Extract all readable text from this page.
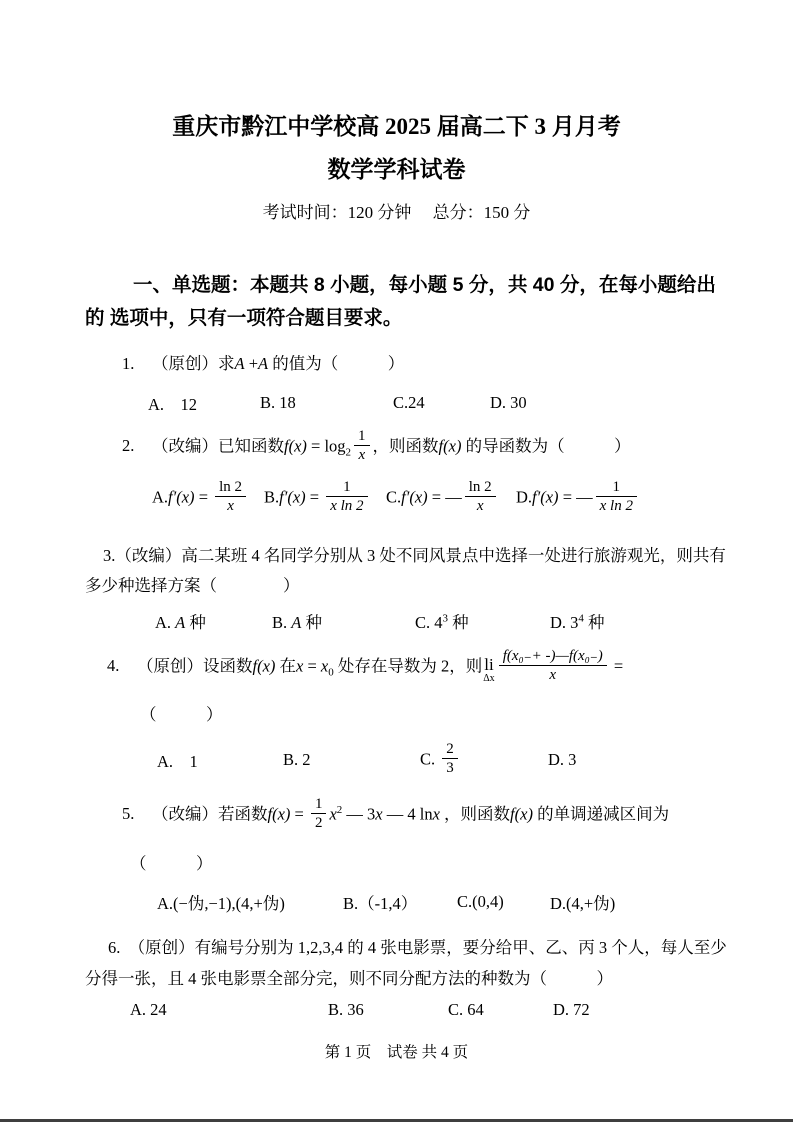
重庆市黔江中学校高 2025 届高二下 3 月月考
数学学科试卷
考试时间：120 分钟　 总分：150 分

一、单选题：本题共 8 小题，每小题 5 分，共 40 分，在每小题给出的 选项中，只有一项符合题目要求。

1. （原创）求A +A 的值为（　　　）

A.　12	B. 18	C.24	D. 30

2. （改编）已知函数$f(x) = \log_2 \frac{1}{x}$ ，则函数f(x) 的导函数为（　　　）

$A.f'(x) = \frac{\ln 2}{x} B.f'(x) = \frac{1}{\text{x ln 2}} C.f'(x)$ = — $\frac{\ln 2}{x} D.f'(x)$ = — $\frac{1}{\text{x ln 2}}$

3.（改编）高二某班 4 名同学分别从 3 处不同风景点中选择一处进行旅游观光，则共有多少种选择方案（　　　　）

A. A 种	B. A 种	C. $4^3$ 种	D. $3^4$ 种

4. （原创）设函数f(x) 在$x = x_0$ 处存在导数为 2，则 li
Δx $\frac{\text{f(x₀₋+ -)—f(x₀₋)}}{x}$ =

（　　　）

A.　1	B. 2	C. $\frac{2}{3}$	D. 3

5. （改编）若函数$f(x) = \frac{1}{2} x^2$ — 3x — 4 lnx ，则函数f(x) 的单调递减区间为

（　　　）

A.(−伪,−1),(4,+伪)	B.（-1,4）	C.(0,4)	D.(4,+伪)

6.　（原创）有编号分别为 1,2,3,4 的 4 张电影票，要分给甲、乙、丙 3 个人，每人至少分得一张，且 4 张电影票全部分完，则不同分配方法的种数为（　　　）

A. 24	B. 36	C. 64	D. 72
第 1 页　试卷 共 4 页
